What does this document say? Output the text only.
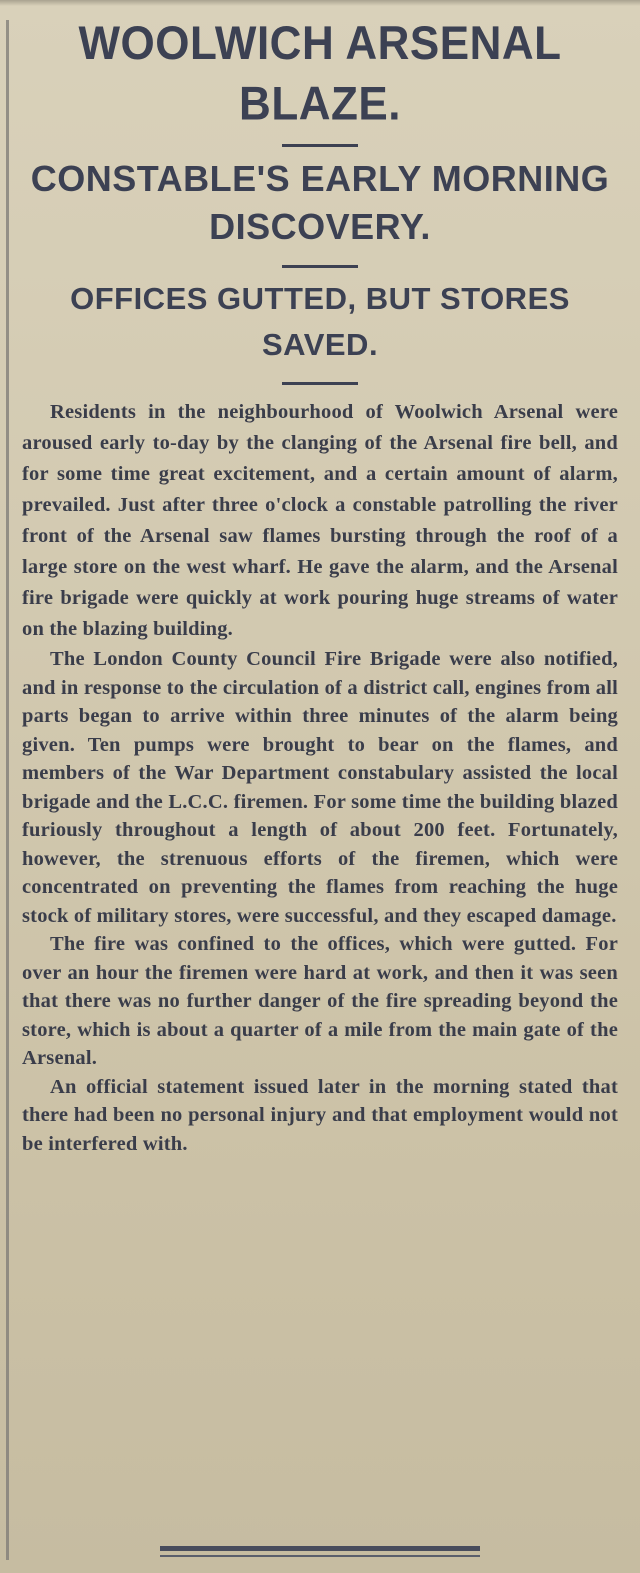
WOOLWICH ARSENAL BLAZE.
CONSTABLE'S EARLY MORNING DISCOVERY.
OFFICES GUTTED, BUT STORES SAVED.

Residents in the neighbourhood of Woolwich Arsenal were aroused early to-day by the clanging of the Arsenal fire bell, and for some time great excitement, and a certain amount of alarm, prevailed. Just after three o'clock a constable patrolling the river front of the Arsenal saw flames bursting through the roof of a large store on the west wharf. He gave the alarm, and the Arsenal fire brigade were quickly at work pouring huge streams of water on the blazing building.

The London County Council Fire Brigade were also notified, and in response to the circulation of a district call, engines from all parts began to arrive within three minutes of the alarm being given. Ten pumps were brought to bear on the flames, and members of the War Department constabulary assisted the local brigade and the L.C.C. firemen. For some time the building blazed furiously throughout a length of about 200 feet. Fortunately, however, the strenuous efforts of the firemen, which were concentrated on preventing the flames from reaching the huge stock of military stores, were successful, and they escaped damage.

The fire was confined to the offices, which were gutted. For over an hour the firemen were hard at work, and then it was seen that there was no further danger of the fire spreading beyond the store, which is about a quarter of a mile from the main gate of the Arsenal.

An official statement issued later in the morning stated that there had been no personal injury and that employment would not be interfered with.
